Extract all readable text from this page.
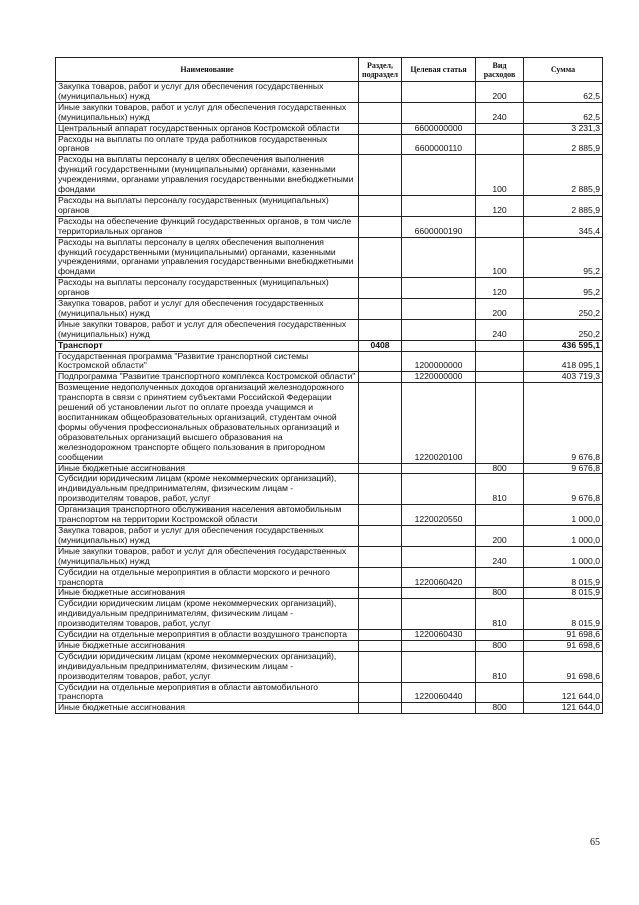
Наименование	Раздел, подраздел	Целевая статья	Вид расходов	Сумма
Закупка товаров, работ и услуг для обеспечения государственных (муниципальных) нужд			200	62,5
Иные закупки товаров, работ и услуг для обеспечения государственных (муниципальных) нужд			240	62,5
Центральный аппарат государственных органов Костромской области		6600000000		3 231,3
Расходы на выплаты по оплате труда работников государственных органов		6600000110		2 885,9
Расходы на выплаты персоналу в целях обеспечения выполнения функций государственными (муниципальными) органами, казенными учреждениями, органами управления государственными внебюджетными фондами			100	2 885,9
Расходы на выплаты персоналу государственных (муниципальных) органов			120	2 885,9
Расходы на обеспечение функций государственных органов, в том числе территориальных органов		6600000190		345,4
Расходы на выплаты персоналу в целях обеспечения выполнения функций государственными (муниципальными) органами, казенными учреждениями, органами управления государственными внебюджетными фондами			100	95,2
Расходы на выплаты персоналу государственных (муниципальных) органов			120	95,2
Закупка товаров, работ и услуг для обеспечения государственных (муниципальных) нужд			200	250,2
Иные закупки товаров, работ и услуг для обеспечения государственных (муниципальных) нужд			240	250,2
Транспорт	0408			436 595,1
Государственная программа "Развитие транспортной системы Костромской области"		1200000000		418 095,1
Подпрограмма "Развитие транспортного комплекса Костромской области"		1220000000		403 719,3
Возмещение недополученных доходов организаций железнодорожного транспорта в связи с принятием субъектами Российской Федерации решений об установлении льгот по оплате проезда учащимся и воспитанникам общеобразовательных организаций, студентам очной формы обучения профессиональных образовательных организаций и образовательных организаций высшего образования на железнодорожном транспорте общего пользования в пригородном сообщении		1220020100		9 676,8
Иные бюджетные ассигнования			800	9 676,8
Субсидии юридическим лицам (кроме некоммерческих организаций), индивидуальным предпринимателям, физическим лицам - производителям товаров, работ, услуг			810	9 676,8
Организация транспортного обслуживания населения автомобильным транспортом на территории Костромской области		1220020550		1 000,0
Закупка товаров, работ и услуг для обеспечения государственных (муниципальных) нужд			200	1 000,0
Иные закупки товаров, работ и услуг для обеспечения государственных (муниципальных) нужд			240	1 000,0
Субсидии на отдельные мероприятия в области морского и речного транспорта		1220060420		8 015,9
Иные бюджетные ассигнования			800	8 015,9
Субсидии юридическим лицам (кроме некоммерческих организаций), индивидуальным предпринимателям, физическим лицам - производителям товаров, работ, услуг			810	8 015,9
Субсидии на отдельные мероприятия в области воздушного транспорта		1220060430		91 698,6
Иные бюджетные ассигнования			800	91 698,6
Субсидии юридическим лицам (кроме некоммерческих организаций), индивидуальным предпринимателям, физическим лицам - производителям товаров, работ, услуг			810	91 698,6
Субсидии на отдельные мероприятия в области автомобильного транспорта		1220060440		121 644,0
Иные бюджетные ассигнования			800	121 644,0
65
